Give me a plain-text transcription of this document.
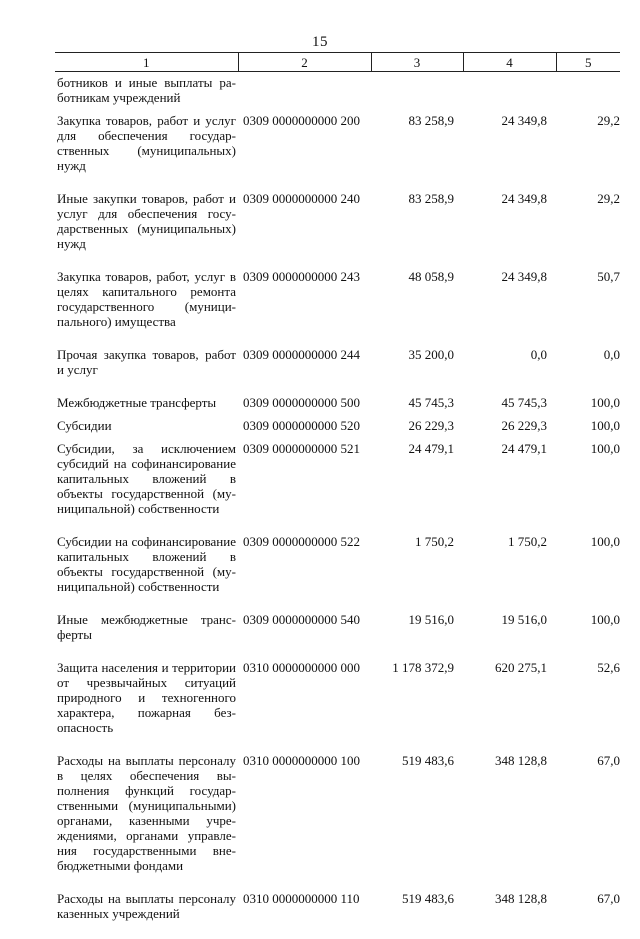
15
1	2	3	4	5
ботников и иные выплаты работникам учреждений				
Закупка товаров, работ и услуг для обеспечения государственных (муниципальных) нужд	0309 0000000000 200	83 258,9	24 349,8	29,2
Иные закупки товаров, работ и услуг для обеспечения государственных (муниципальных) нужд	0309 0000000000 240	83 258,9	24 349,8	29,2
Закупка товаров, работ, услуг в целях капитального ремонта государственного (муниципального) имущества	0309 0000000000 243	48 058,9	24 349,8	50,7
Прочая закупка товаров, работ и услуг	0309 0000000000 244	35 200,0	0,0	0,0
Межбюджетные трансферты	0309 0000000000 500	45 745,3	45 745,3	100,0
Субсидии	0309 0000000000 520	26 229,3	26 229,3	100,0
Субсидии, за исключением субсидий на софинансирование капитальных вложений в объекты государственной (муниципальной) собственности	0309 0000000000 521	24 479,1	24 479,1	100,0
Субсидии на софинансирование капитальных вложений в объекты государственной (муниципальной) собственности	0309 0000000000 522	1 750,2	1 750,2	100,0
Иные межбюджетные трансферты	0309 0000000000 540	19 516,0	19 516,0	100,0
Защита населения и территории от чрезвычайных ситуаций природного и техногенного характера, пожарная безопасность	0310 0000000000 000	1 178 372,9	620 275,1	52,6
Расходы на выплаты персоналу в целях обеспечения выполнения функций государственными (муниципальными) органами, казенными учреждениями, органами управления государственными внебюджетными фондами	0310 0000000000 100	519 483,6	348 128,8	67,0
Расходы на выплаты персоналу казенных учреждений	0310 0000000000 110	519 483,6	348 128,8	67,0
